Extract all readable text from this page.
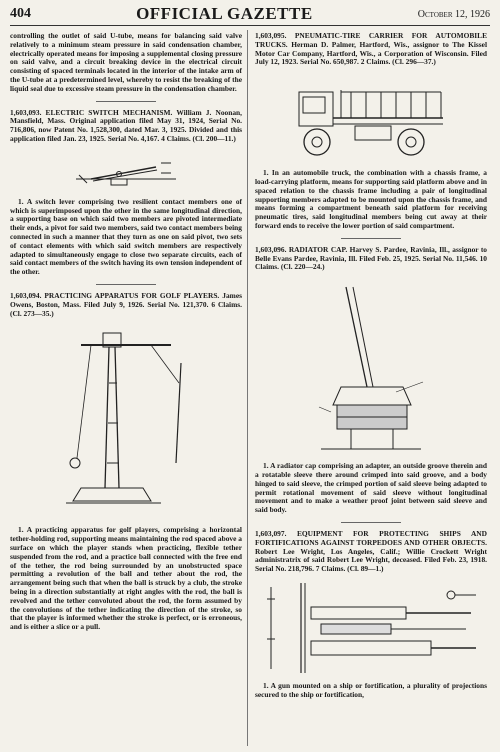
404	OFFICIAL GAZETTE	October 12, 1926

controlling the outlet of said U-tube, means for balancing said valve relatively to a minimum steam pressure in said condensation chamber, electrically operated means for imposing a supplemental closing pressure on said valve, and a circuit breaking device in the electrical circuit consisting of spaced terminals located in the interior of the intake arm of the U-tube at a predetermined level, whereby to resist the breaking of the liquid seal due to excessive steam pressure in the condensation chamber.

1,603,093. ELECTRIC SWITCH MECHANISM. William J. Noonan, Mansfield, Mass. Original application filed May 31, 1924, Serial No. 716,806, now Patent No. 1,528,300, dated Mar. 3, 1925. Divided and this application filed Jan. 23, 1925. Serial No. 4,167. 4 Claims. (Cl. 200—11.)

1. A switch lever comprising two resilient contact members one of which is superimposed upon the other in the same longitudinal direction, a supporting base on which said two members are pivoted intermediate their ends, a pivot for said two members, said two contact members being connected in such a manner that they turn as one on said pivot, two sets of contact elements with which said switch members are respectively adapted to simultaneously engage to close two separate circuits, each of said contact members of the switch having its own tension independent of the other.

1,603,094. PRACTICING APPARATUS FOR GOLF PLAYERS. James Owens, Boston, Mass. Filed July 9, 1926. Serial No. 121,370. 6 Claims. (Cl. 273—35.)

1. A practicing apparatus for golf players, comprising a horizontal tether-holding rod, supporting means maintaining the rod spaced above a surface on which the player stands when practicing, flexible tether suspended from the rod, and a practice ball connected with the free end of the tether, the rod being surrounded by an unobstructed space permitting a revolution of the ball and tether about the rod, the arrangement being such that when the ball is struck by a club, the stroke being in a direction substantially at right angles with the rod, the ball is revolved and the tether convoluted about the rod, the form assumed by the convolutions of the tether indicating the direction of the stroke, so that the player is informed whether the stroke is perfect, or is erroneous, and is either a slice or a pull.

1,603,095. PNEUMATIC-TIRE CARRIER FOR AUTOMOBILE TRUCKS. Herman D. Palmer, Hartford, Wis., assignor to The Kissel Motor Car Company, Hartford, Wis., a Corporation of Wisconsin. Filed July 12, 1923. Serial No. 650,987. 2 Claims. (Cl. 296—37.)

1. In an automobile truck, the combination with a chassis frame, a load-carrying platform, means for supporting said platform above and in spaced relation to the chassis frame including a pair of longitudinal supporting members adapted to be mounted upon the chassis frame, and means forming a compartment beneath said platform for receiving pneumatic tires, said longitudinal members being cut away at their forward ends to receive the lower portion of said compartment.

1,603,096. RADIATOR CAP. Harvey S. Pardee, Ravinia, Ill., assignor to Belle Evans Pardee, Ravinia, Ill. Filed Feb. 25, 1925. Serial No. 11,546. 10 Claims. (Cl. 220—24.)

1. A radiator cap comprising an adapter, an outside groove therein and a rotatable sleeve there around crimped into said groove, and a body hinged to said sleeve, the crimped portion of said sleeve being adapted to permit rotational movement of said sleeve without longitudinal movement and to make a weather proof joint between said sleeve and said body.

1,603,097. EQUIPMENT FOR PROTECTING SHIPS AND FORTIFICATIONS AGAINST TORPEDOES AND OTHER OBJECTS. Robert Lee Wright, Los Angeles, Calif.; Willie Crockett Wright administratrix of said Robert Lee Wright, deceased. Filed Feb. 23, 1918. Serial No. 218,796. 7 Claims. (Cl. 89—1.)

1. A gun mounted on a ship or fortification, a plurality of projections secured to the ship or fortification,
